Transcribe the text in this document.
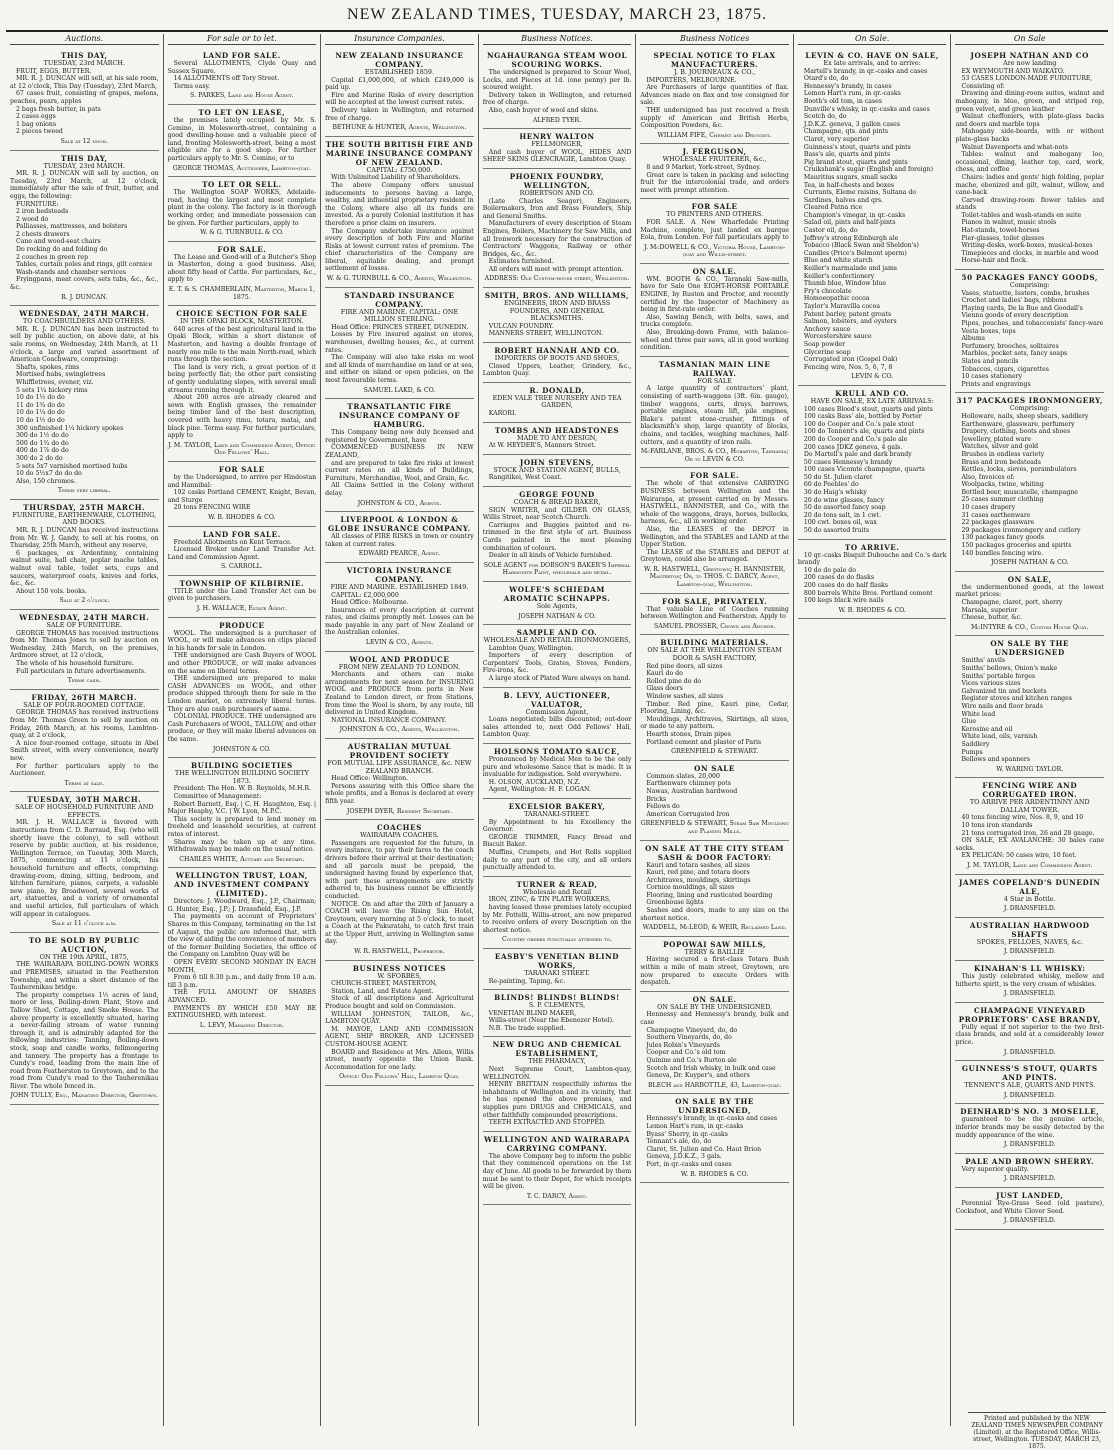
NEW ZEALAND TIMES, TUESDAY, MARCH 23, 1875.
Auctions.
THIS DAY,
TUESDAY, 23rd MARCH.

FRUIT, EGGS, BUTTER.

MR. R. J. DUNCAN will sell, at his sale room, at 12 o'clock, This Day (Tuesday), 23rd March,

67 cases fruit, consisting of grapes, melons, peaches, pears, apples

2 bags fresh butter, in pats

2 cases eggs

1 bag onions

2 pieces tweed

Sale at 12 noon.
THIS DAY,
TUESDAY, 23rd MARCH.

MR. R. J. DUNCAN will sell by auction, on Tuesday, 23rd March, at 12 o'clock, immediately after the sale of fruit, butter, and eggs, the following:

FURNITURE:

2 iron bedsteads

2 wood do

Palliasses, mattresses, and bolsters

2 chests drawers

Cane and wood-seat chairs

Do rocking do and folding do

2 couches in green rep

Tables, curtain poles and rings, gilt cornice

Wash-stands and chamber services

Fryingpans, meat covers, sets tubs, &c., &c., &c.

R. J. DUNCAN.
WEDNESDAY, 24TH MARCH.
TO COACHBUILDERS AND OTHERS.

MR. R. J. DUNCAN has been instructed to sell by public auction, on above date, at his sale rooms, on Wednesday, 24th March, at 11 o'clock, a large and varied assortment of American Coachware, comprising:

Shafts, spokes, rims

Mortised hubs, swingletrees

Whiffletrees, evener, viz.

5 sets 1¼ hickory rims

10 do 1½ do do

11 do 1¾ do do

10 do 1¼ do do

10 do 1½ do do

300 unfinished 1¼ hickory spokes

300 do 1½ do do

500 do 1¾ do do

400 do 1⅞ do do

300 do 2 do do

5 sets 5x7 varnished mortised hubs

10 do 5½x7 do do do

Also, 150 chromos.

Terms very liberal.
THURSDAY, 25TH MARCH.
FURNITURE, EARTHENWARE, CLOTHING, AND BOOKS.

MR. R. J. DUNCAN has received instructions from Mr. W. J. Gandy, to sell at his rooms, on Thursday, 25th March, without any reserve,

6 packages, ex Ardentinny, containing walnut suite, hall chair, poplar mache tables, walnut oval table, toilet sets, cups and saucers, waterproof coats, knives and forks, &c., &c.

About 150 vols. books.

Sale at 2 o'clock.
WEDNESDAY, 24TH MARCH.
SALE OF FURNITURE.

GEORGE THOMAS has received instructions from Mr. Thomas Jones to sell by auction on Wednesday, 24th March, on the premises, Ardmore street, at 12 o'clock,

The whole of his household furniture.

Full particulars in future advertisements.

Terms cash.
FRIDAY, 26TH MARCH.
SALE OF FOUR-ROOMED COTTAGE.

GEORGE THOMAS has received instructions from Mr. Thomas Green to sell by auction on Friday, 26th March, at his rooms, Lambton-quay, at 2 o'clock,

A nice four-roomed cottage, situate in Abel Smith street, with every convenience, nearly new.

For further particulars apply to the Auctioneer.

Terms at sale.
TUESDAY, 30TH MARCH.
SALE OF HOUSEHOLD FURNITURE AND EFFECTS.

MR. J. H. WALLACE is favored with instructions from C. D. Barraud, Esq. (who will shortly leave the colony), to sell without reserve by public auction, at his residence, Wellington Terrace, on Tuesday, 30th March, 1875, commencing at 11 o'clock, his household furniture and effects, comprising: drawing-room, dining, sitting, bedroom, and kitchen furniture, pianos, carpets, a valuable new piano, by Broadwood, several works of art, statuettes, and a variety of ornamental and useful articles, full particulars of which will appear in catalogues.

Sale at 11 o'clock a.m.
TO BE SOLD BY PUBLIC AUCTION,
ON THE 19th APRIL, 1875,

THE WAIRARAPA BOILING-DOWN WORKS and PREMISES, situated in the Featherston Township, and within a short distance of the Tauherenikau bridge.

The property comprises 1½ acres of land, more or less, Boiling-down Plant, Stove and Tallow Shed, Cottage, and Smoke House. The above property is excellently situated, having a never-failing stream of water running through it, and is admirably adapted for the following industries: Tanning, Boiling-down stock, soap and candle works, fellmongering and tannery. The property has a frontage to Cundy's road, leading from the main line of road from Featherston to Greytown, and to the road from Cundy's road to the Tauherenikau River. The whole fenced in.

JOHN TULLY, Esq., Managing Director, Greytown.
For sale or to let.
LAND FOR SALE.

Several ALLOTMENTS, Clyde Quay and Sussex Square.

14 ALLOTMENTS off Tory Street.

Terms easy.

S. PARKES, Land and House Agent.
TO LET ON LEASE,

the premises lately occupied by Mr. S. Cemino, in Molesworth-street, containing a good dwelling-house and a valuable piece of land, fronting Molesworth-street, being a most eligible site for a good shop. For further particulars apply to Mr. S. Cemino, or to

GEORGE THOMAS, Auctioneer, Lambton-quay.
TO LET OR SELL.

The Wellington SOAP WORKS, Adelaide-road, having the largest and most complete plant in the colony. The factory is in thorough working order, and immediate possession can be given. For further particulars, apply to

W. & G. TURNBULL & CO.
FOR SALE.

The Lease and Good-will of a Butcher's Shop in Masterton, doing a good business. Also, about fifty head of Cattle. For particulars, &c., apply to

E. T. & S. CHAMBERLAIN, Masterton, March 1, 1875.
CHOICE SECTION FOR SALE
IN THE OPAKI BLOCK, MASTERTON.

640 acres of the best agricultural land in the Opaki Block, within a short distance of Masterton, and having a double frontage of nearly one mile to the main North-road, which runs through the section.

The land is very rich, a great portion of it being perfectly flat; the other part consisting of gently undulating slopes, with several small streams running through it.

About 200 acres are already cleared and sown with English grasses, the remainder being timber land of the best description, covered with heavy rimu, totara, matai, and black pine. Terms easy. For further particulars, apply to

J. M. TAYLOR, Land and Commission Agent, Office: Odd Fellows' Hall.
FOR SALE

by the Undersigned, to arrive per Hindostan and Hannibal:

192 casks Portland CEMENT, Knight, Bevan, and Sturge

20 tons FENCING WIRE

W. B. RHODES & CO.
LAND FOR SALE.

Freehold Allotments on Kent Terrace.

Licensed Broker under Land Transfer Act. Land and Commission Agent.

S. CARROLL.
TOWNSHIP OF KILBIRNIE.

TITLE under the Land Transfer Act can be given to purchasers.

J. H. WALLACE, Estate Agent.
PRODUCE

WOOL. The undersigned is a purchaser of WOOL, or will make advances on clips placed in his hands for sale in London.

THE undersigned are Cash Buyers of WOOL and other PRODUCE, or will make advances on the same on liberal terms.

THE undersigned are prepared to make CASH ADVANCES on WOOL, and other produce shipped through them for sale in the London market, on extremely liberal terms. They are also cash purchasers of same.

COLONIAL PRODUCE. THE undersigned are Cash Purchasers of WOOL, TALLOW, and other produce, or they will make liberal advances on the same.

JOHNSTON & CO.
BUILDING SOCIETIES
THE WELLINGTON BUILDING SOCIETY 1873.

President: The Hon. W. B. Reynolds, M.H.R.

Committee of Management:

Robert Barnett, Esq. | C. H. Haughton, Esq. | Major Heaphy, V.C. | W. Lyon, M.P.C.

This society is prepared to lend money on freehold and leasehold securities, at current rates of interest.

Shares may be taken up at any time. Withdrawals may be made on the usual notice.

CHARLES WHITE, Actuary and Secretary.
WELLINGTON TRUST, LOAN, AND INVESTMENT COMPANY (LIMITED).

Directors: J. Woodward, Esq., J.P., Chairman; G. Hunter, Esq., J.P.; J. Dransfield, Esq., J.P.

The payments on account of Proprietors' Shares in this Company, terminating on the 1st of August, the public are informed that, with the view of aiding the convenience of members of the former Building Societies, the office of the Company on Lambton Quay will be

OPEN EVERY SECOND MONDAY IN EACH MONTH,

From 6 till 8.30 p.m., and daily from 10 a.m. till 3 p.m.

THE FULL AMOUNT OF SHARES ADVANCED.

PAYMENTS BY WHICH £50 MAY BE EXTINGUISHED, with interest.

L. LEVY, Managing Director.
Insurance Companies.
NEW ZEALAND INSURANCE COMPANY.
ESTABLISHED 1859.

Capital £1,000,000, of which £249,000 is paid up.

Fire and Marine Risks of every description will be accepted at the lowest current rates.

Delivery taken in Wellington, and returned free of charge.

BETHUNE & HUNTER, Agents, Wellington.
THE SOUTH BRITISH FIRE AND MARINE INSURANCE COMPANY OF NEW ZEALAND.
CAPITAL: £750,000.

With Unlimited Liability of Shareholders.

The above Company offers unusual inducements to persons having a large, wealthy, and influential proprietary resident in the Colony, where also all its funds are invested. As a purely Colonial institution it has therefore a prior claim on insurers.

The Company undertake insurance against every description of both Fire and Marine Risks at lowest current rates of premium. The chief characteristics of the Company are liberal, equitable dealing, and prompt settlement of losses.

W. & G. TURNBULL & CO., Agents, Wellington.
STANDARD INSURANCE COMPANY.
FIRE AND MARINE. CAPITAL: ONE MILLION STERLING.

Head Office: PRINCES STREET, DUNEDIN.

Losses by Fire insured against on stores, warehouses, dwelling houses, &c., at current rates.

The Company will also take risks on wool and all kinds of merchandise on land or at sea, and either on island or open policies, on the most favourable terms.

SAMUEL LAKD, & CO.
TRANSATLANTIC FIRE INSURANCE COMPANY OF HAMBURG.

This Company being now duly licensed and registered by Government, have

COMMENCED BUSINESS IN NEW ZEALAND,

and are prepared to take fire risks at lowest current rates on all kinds of Buildings, Furniture, Merchandise, Wool, and Grain, &c.

All Claims Settled in the Colony without delay.

JOHNSTON & CO., Agents.
LIVERPOOL & LONDON & GLOBE INSURANCE COMPANY.

All classes of FIRE RISKS in town or country taken at current rates.

EDWARD PEARCE, Agent.
VICTORIA INSURANCE COMPANY.
FIRE AND MARINE. ESTABLISHED 1849.

CAPITAL: £2,000,000

Head Office: Melbourne.

Insurances of every description at current rates, and claims promptly met. Losses can be made payable in any part of New Zealand or the Australian colonies.

LEVIN & CO., Agents.
WOOL AND PRODUCE
FROM NEW ZEALAND TO LONDON.

Merchants and others can make arrangements for next season for INSURING WOOL and PRODUCE from ports in New Zealand to London direct, or from Stations, from time the Wool is shorn, by any route, till delivered in United Kingdom.

NATIONAL INSURANCE COMPANY.

JOHNSTON & CO., Agents, Wellington.
AUSTRALIAN MUTUAL PROVIDENT SOCIETY
FOR MUTUAL LIFE ASSURANCE, &c. NEW ZEALAND BRANCH.

Head Office: Wellington.

Persons assuring with this Office share the whole profits, and a Bonus is declared at every fifth year.

JOSEPH DYER, Resident Secretary.
COACHES
WAIRARAPA COACHES.

Passengers are requested for the future, in every instance, to pay their fares to the coach drivers before their arrival at their destination; and all parcels must be prepaid, the undersigned having found by experience that, with part these arrangements are strictly adhered to, his business cannot be efficiently conducted.

NOTICE. On and after the 20th of January a COACH will leave the Rising Sun Hotel, Greytown, every morning at 5 o'clock, to meet a Coach at the Pakuratahi, to catch first train at the Upper Hutt, arriving in Wellington same day.

W. R. HASTWELL, Proprietor.
BUSINESS NOTICES
W. SFORBES,

CHURCH-STREET, MASTERTON,

Station, Land, and Estate Agent.

Stock of all descriptions and Agricultural Produce bought and sold on Commission.

WILLIAM JOHNSTON, TAILOR, &c., LAMBTON QUAY.

M. MAYOE, LAND AND COMMISSION AGENT, SHIP BROKER, AND LICENSED CUSTOM-HOUSE AGENT.

BOARD and Residence at Mrs. Allens, Willis street, nearly opposite the Union Bank. Accommodation for one lady.

Office: Odd Fellows' Hall, Lambton Quay.
Business Notices.
NGAHAURANGA STEAM WOOL SCOURING WORKS.

The undersigned is prepared to Scour Wool, Locks, and Pieces at 1d. (one penny) per lb. scoured weight.

Delivery taken in Wellington, and returned free of charge.

Also, cash buyer of wool and skins.

ALFRED TYER.
HENRY WALTON
FELLMONGER,

And cash buyer of WOOL, HIDES AND SHEEP SKINS GLENCRAGIE, Lambton Quay.

PHOENIX FOUNDRY, WELLINGTON,
ROBERTSON AND CO.

(Late Charles Seager), Engineers, Boilermakers, Iron and Brass Founders, Ship and General Smiths.

Manufacturers of every description of Steam Engines, Boilers, Machinery for Saw Mills, and all Ironwork necessary for the construction of Contractors' Waggons, Railway or other Bridges, &c., &c.

Estimates furnished.

All orders will meet with prompt attention.

ADDRESS: Old Custom-house street, Wellington.
SMITH, BROS. AND WILLIAMS,
ENGINEERS, IRON AND BRASS FOUNDERS, AND GENERAL BLACKSMITHS.

VULCAN FOUNDRY.

MANNERS STREET, WELLINGTON.

ROBERT HANNAH AND CO.
IMPORTERS OF BOOTS AND SHOES,

Closed Uppers, Leather, Grindery, &c., Lambton Quay.

R. DONALD,
EDEN VALE TREE NURSERY AND TEA GARDEN,

KARORI.

TOMBS AND HEADSTONES
MADE TO ANY DESIGN,

At W. HEYDER'S, Manners Street.

JOHN STEVENS,
STOCK AND STATION AGENT, BULLS,

Rangitikei, West Coast.

GEORGE FOUND
COACH & BREAD BAKER,

SIGN WRITER, and GILDER ON GLASS, Willis Street, near Scotch Church.

Carriages and Buggies painted and re-trimmed in the first style of art. Business Cards painted in the most pleasing combination of colours.

Dealer in all kinds of Vehicle furnished.

SOLE AGENT for DOBSON'S BAKER'S Imperial Harmonite Paint, wholesale and retail.
WOLFE'S SCHIEDAM AROMATIC SCHNAPPS.
Sole Agents,
JOSEPH NATHAN & CO.
SAMPLE AND CO.
WHOLESALE AND RETAIL IRONMONGERS,

Lambton Quay, Wellington.

Importers of every description of Carpenters' Tools, Grates, Stoves, Fenders, Fire-irons, &c.

A large stock of Plated Ware always on hand.

B. LEVY, AUCTIONEER, VALUATOR,
Commission Agent,

Loans negotiated; bills discounted; out-door sales attended to, next Odd Fellows' Hall, Lambton Quay.

HOLSONS TOMATO SAUCE,

Pronounced by Medical Men to be the only pure and wholesome Sauce that is made. It is invaluable for indigestion. Sold everywhere.

H. OLSON, AUCKLAND, N.Z.

Agent, Wellington: H. F. LOGAN.

EXCELSIOR BAKERY,
TARANAKI-STREET.

By Appointment to his Excellency the Governor.

GEORGE TRIMMER, Fancy Bread and Biscuit Baker.

Muffins, Crumpets, and Hot Rolls supplied daily to any part of the city, and all orders punctually attended to.

TURNER & READ,
Wholesale and Retail

IRON, ZINC, & TIN PLATE WORKERS,

having leased those premises lately occupied by Mr. Pottelli, Willis-street, are now prepared to receive orders of every Description on the shortest notice.

Country orders punctually attended to.
EASBY'S VENETIAN BLIND WORKS,
TARANAKI STREET.

Re-painting, Taping, &c.

BLINDS! BLINDS! BLINDS!
S. P. CLEMENTS,

VENETIAN BLIND MAKER,

Willis-street (Near the Ebenezer Hotel).

N.B. The trade supplied.

NEW DRUG AND CHEMICAL ESTABLISHMENT,
THE PHARMACY,

Next Supreme Court, Lambton-quay, WELLINGTON.

HENRY BRITTAIN respectfully informs the inhabitants of Wellington and its vicinity, that he has opened the above premises, and supplies pure DRUGS and CHEMICALS, and other faithfully compounded prescriptions.

TEETH EXTRACTED AND STOPPED.

WELLINGTON AND WAIRARAPA CARRYING COMPANY.

The above Company beg to inform the public that they commenced operations on the 1st day of June. All goods to be forwarded by them must be sent to their Depot, for which receipts will be given.

T. C. DARCY, Agent.
Business Notices
SPECIAL NOTICE TO FLAX MANUFACTURERS.
J. B. JOURNEAUX & CO.,

IMPORTERS, MELBOURNE.

Are Purchasers of large quantities of flax. Advances made on flax and tow consigned for sale.

THE undersigned has just received a fresh supply of American and British Herbs, Composition Powders, &c.

WILLIAM FIFE, Chemist and Druggist.
J. FERGUSON,
WHOLESALE FRUITERER, &c.,

8 and 9 Market, York-street, Sydney.

Great care is taken in packing and selecting fruit for the intercolonial trade, and orders meet with prompt attention.

FOR SALE
TO PRINTERS AND OTHERS.

FOR SALE. A New Wharfedale Printing Machine, complete, just landed ex barque Eola, from London. For full particulars apply to

J. McDOWELL & CO., Victoria House, Lambton-quay and Willis-street.
ON SALE.

WM. BOOTH & CO., Taranaki Saw-mills, have for Sale One EIGHT-HORSE PORTABLE ENGINE, by Ruston and Proctor, and recently certified by the Inspector of Machinery as being in first-rate order.

Also, Sawing Bench, with belts, saws, and trucks complete.

Also, Breaking-down Frame, with balance-wheel and three pair saws, all in good working condition.

TASMANIAN MAIN LINE RAILWAY.
FOR SALE

A large quantity of contractors' plant, consisting of earth-waggons (3ft. 6in. gauge), timber waggons, carts, drays, barrows, portable engines, steam lift, pile engines, Blake's patent stone-crusher, fittings of blacksmith's shop, large quantity of blocks, chains, and tackles, weighing machines, half-cutters, and a quantity of iron rails.

McFARLANE, BROS. & CO., Hobarton, Tasmania; Or to LEVIN & CO.
FOR SALE.

The whole of that extensive CARRYING BUSINESS between Wellington and the Wairarapa, at present carried on by Messrs. HASTWELL, BANNISTER, and Co., with the whole of the waggons, drays, horses, bullocks, harness, &c., all in working order.

Also, the LEASES of the DEPOT in Wellington, and the STABLES and LAND at the Upper Station.

The LEASE of the STABLES and DEPOT at Greytown, could also be arranged.

W. R. HASTWELL, Greytown; H. BANNISTER, Masterton; Or, to THOS. C. DARCY, Agent, Lambton-quay, Wellington.
FOR SALE, PRIVATELY.

That valuable Line of Coaches running between Wellington and Featherston. Apply to

SAMUEL PROSSER, Crown and Anchor.
BUILDING MATERIALS.
ON SALE AT THE WELLINGTON STEAM DOOR & SASH FACTORY,

Red pine doors, all sizes

Kauri do do

Rolled pine do do

Glass doors

Window sashes, all sizes

Timber. Red pine, Kauri pine, Cedar, Flooring, Lining, &c.

Mouldings, Architraves, Skirtings, all sizes, or made to any pattern.

Hearth stones, Drain pipes

Portland cement and plaster of Paris

GREENFIELD & STEWART.
ON SALE

Common slates, 20,000

Earthenware chimney pots

Nawas, Australian hardwood

Bricks

Fellows do

American Corrugated Iron

GREENFIELD & STEWART, Steam Saw Moulding and Planing Mills.
ON SALE AT THE CITY STEAM SASH & DOOR FACTORY:

Kauri and totara sashes, all sizes

Kauri, red pine, and totara doors

Architraves, mouldings, skirtings

Cornice mouldings, all sizes

Flooring, lining and rusticated boarding

Greenhouse lights

Sashes and doors, made to any size on the shortest notice.

WADDELL, McLEOD, & WEIR, Reclaimed Land.
POPOWAI SAW MILLS,
TERRY & BAILLIE

Having secured a first-class Totara Bush within a mile of main street, Greytown, are now prepared to execute Orders with despatch.

ON SALE.
ON SALE BY THE UNDERSIGNED,

Hennessy and Hennessy's brandy, bulk and case

Champagne Vineyard, do, do

Southern Vineyards, do, do

Jules Robin's Vineyards

Cooper and Co.'s old tom

Quinine and Co.'s Burton ale

Scotch and Irish whisky, in bulk and case

Geneva, Dr. Kuyper's, and others

BLECH and HARBOTTLE, 43, Lambton-quay.
ON SALE BY THE UNDERSIGNED,

Hennessy's brandy, in qr.-casks and cases

Lemon Hart's rum, in qr.-casks

Byass' Sherry, in qr.-casks

Tennant's ale, do, do

Claret, St. Julien and Co. Haut Brion

Geneva, J.D.K.Z., 3 gals.

Port, in qr.-casks and cases

W. B. RHODES & CO.
On Sale.
LEVIN & CO. HAVE ON SALE,
Ex late arrivals, and to arrive:

Martell's brandy, in qr.-casks and cases

Otard's do, do

Hennessy's brandy, in cases

Lemon Hart's rum, in qr.-casks

Booth's old tom, in cases

Dunville's whisky, in qr.-casks and cases

Scotch do, do

J.D.K.Z. geneva, 3 gallon cases

Champagne, qts. and pints

Claret, very superior

Guinness's stout, quarts and pints

Bass's ale, quarts and pints

Pig brand stout, quarts and pints

Cruikshank's sugar (English and foreign)

Mauritius sugars, small sacks

Tea, in half-chests and boxes

Currants, Eleme raisins, Sultana do

Sardines, halves and qrs.

Cleared Patna rice

Champion's vinegar, in qr.-casks

Salad oil, pints and half-pints

Castor oil, do, do

Jeffrey's strong Edinburgh ale

Tobacco (Black Swan and Sheldon's)

Candles (Price's Belmont sperm)

Blue and white starch

Keiller's marmalade and jams

Keiller's confectionery

Thumb blue, Window blue

Fry's chocolate

Homoeopathic cocoa

Taylor's Maravilla cocoa

Patent barley, patent groats

Salmon, lobsters, and oysters

Anchovy sauce

Worcestershire sauce

Soap powder

Glycerine soap

Corrugated iron (Gospel Oak)

Fencing wire, Nos. 5, 6, 7, 8

LEVIN & CO.
KRULL AND CO.
HAVE ON SALE, EX LATE ARRIVALS:

100 cases Blood's stout, quarts and pints

100 casks Bass' ale, bottled by Porter

100 do Cooper and Co.'s pale stout

100 do Tennent's ale, quarts and pints

200 do Cooper and Co.'s pale ale

200 cases JDKZ geneva, 4 gals.

Do Martell's pale and dark brandy

50 cases Hennessy's brandy

100 cases Vicomte champagne, quarts

50 do St. Julien claret

60 do Peebles' do

30 do Haig's whisky

20 do wine glasses, fancy

50 do assorted fancy soap

20 do tons salt, in 1 cwt.

100 cwt. boxes oil, wax

50 do assorted fruits

TO ARRIVE.

10 qr.-casks Bisquit Dubouche and Co.'s dark brandy

10 do do pale do

200 cases do do flasks

200 cases do do half flasks

800 barrels White Bros. Portland cement

100 kegs black wire nails

W. B. RHODES & CO.
On Sale
JOSEPH NATHAN AND CO
Are now landing

EX WEYMOUTH AND WAIKATO.

53 CASES LONDON-MADE FURNITURE,

Consisting of:

Drawing and dining-room suites, walnut and mahogany, in blue, green, and striped rep, green velvet, and green leather

Walnut cheffoniers, with plate-glass backs and doors and marble tops

Mahogany side-boards, with or without plate-glass backs

Walnut Davenports and what-nots

Tables: walnut and mahogany loo, occasional, dining, leather top, card, work, chess, and coffee

Chairs: ladies and gents' high folding, poplar mache, ebonized and gilt, walnut, willow, and cane-back

Carved drawing-room flower tables and stands

Toilet-tables and wash-stands en suite

Pianos in walnut, music stools

Hat-stands, towel-horses

Pier-glasses, toilet glasses

Writing-desks, work-boxes, musical-boxes

Timepieces and clocks, in marble and wood

Horse-hair and flock.

50 PACKAGES FANCY GOODS,
Comprising:

Vases, statuette, lusters, combs, brushes

Crochet and ladies' bags, ribbons

Playing cards, De la Rue and Goodall's

Vienna goods of every description

Pipes, pouches, and tobacconists' fancy-ware

Vesta boxes, tops

Albums

Perfumery, brooches, solitaires

Marbles, pocket sets, fancy soaps

Slates and pencils

Tobaccos, cigars, cigarettes

10 cases stationery

Prints and engravings

317 PACKAGES IRONMONGERY,
Comprising:

Holloware, nails, sheep shears, saddlery

Earthenware, glassware, perfumery

Drapery, clothing, boots and shoes

Jewellery, plated ware

Watches, silver and gold

Brushes in endless variety

Brass and iron bedsteads

Kettles, locks, sieves, perambulators

Also, Invoices of:

Woolpacks, twine, whiting

Bottled beer, muscatelle, champagne

25 cases summer clothing

10 cases drapery

31 cases earthenware

22 packages glassware

29 packages ironmongery and cutlery

130 packages fancy goods

150 packages groceries and spirits

140 bundles fencing wire.

JOSEPH NATHAN & CO.
ON SALE,

the undermentioned goods, at the lowest market prices:

Champagne, claret, port, sherry

Marsala, superior

Cheese, butter, &c.

McINTYRE & CO., Custom House Quay.
ON SALE BY THE UNDERSIGNED

Smiths' anvils

Smiths' bellows, Onion's make

Smiths' portable forges

Vices various sizes

Galvanized tin and buckets

Register stoves and kitchen ranges

Wire nails and floor brads

White lead

Glue

Kerosine and oil

White lead, oils, varnish

Saddlery

Pumps

Bellows and spanners

W. WARING TAYLOR.
FENCING WIRE AND CORRUGATED IRON.
TO ARRIVE PER ARDENTINNY AND DALLAM TOWER.

40 tons fencing wire, Nos. 8, 9, and 10

10 tons iron standards

21 tons corrugated iron, 26 and 28 gauge.

ON SALE, EX AVALANCHE: 30 bales cane sacks.

EX PELICAN: 50 cases wire, 10 feet.

J. M. TAYLOR, Land and Commission Agent.
JAMES COPELAND'S DUNEDIN ALE,
4 Star in Bottle.
J. DRANSFIELD.
AUSTRALIAN HARDWOOD SHAFTS
SPOKES, FELLOES, NAVES, &c.
J. DRANSFIELD.
KINAHAN'S LL WHISKY:

This justly celebrated whisky, mellow and hitherto spirit, is the very cream of whiskies.

J. DRANSFIELD.
CHAMPAGNE VINEYARD PROPRIETORS' CASE BRANDY,

Fully equal if not superior to the two first-class brands, and sold at a considerably lower price.

J. DRANSFIELD.
GUINNESS'S STOUT, QUARTS AND PINTS.
TENNENT'S ALE, QUARTS AND PINTS.
J. DRANSFIELD.
DEINHARD'S NO. 3 MOSELLE,

guaranteed to be the genuine article, inferior brands may be easily detected by the muddy appearance of the wine.

J. DRANSFIELD.
PALE AND BROWN SHERRY.

Very superior quality.

J. DRANSFIELD.
JUST LANDED,

Perennial Rye-Grass Seed (old pasture), Cocksfoot, and White Clover Seed.

J. DRANSFIELD.
Printed and published by the NEW ZEALAND TIMES NEWSPAPER COMPANY (Limited), at the Registered Office, Willis-street, Wellington. TUESDAY, MARCH 23, 1875.
